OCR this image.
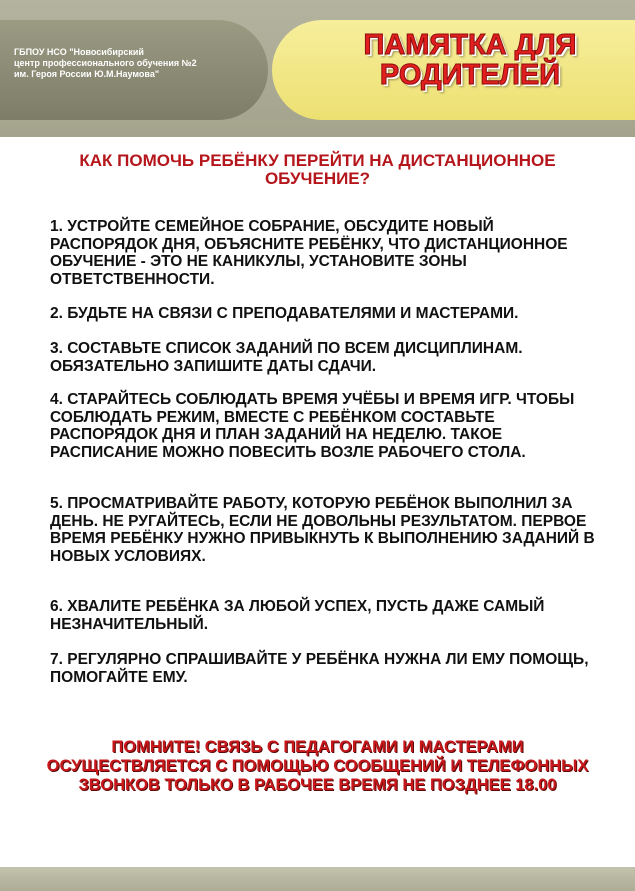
ГБПОУ НСО "Новосибирский
центр профессионального обучения №2
им. Героя России Ю.М.Наумова"
ПАМЯТКА ДЛЯ
РОДИТЕЛЕЙ
КАК ПОМОЧЬ РЕБЁНКУ ПЕРЕЙТИ НА ДИСТАНЦИОННОЕ ОБУЧЕНИЕ?
1. УСТРОЙТЕ СЕМЕЙНОЕ СОБРАНИЕ, ОБСУДИТЕ НОВЫЙ РАСПОРЯДОК ДНЯ, ОБЪЯСНИТЕ РЕБЁНКУ, ЧТО ДИСТАНЦИОННОЕ ОБУЧЕНИЕ - ЭТО НЕ КАНИКУЛЫ, УСТАНОВИТЕ ЗОНЫ ОТВЕТСТВЕННОСТИ.
2. БУДЬТЕ НА СВЯЗИ С ПРЕПОДАВАТЕЛЯМИ И МАСТЕРАМИ.
3. СОСТАВЬТЕ СПИСОК ЗАДАНИЙ ПО ВСЕМ ДИСЦИПЛИНАМ. ОБЯЗАТЕЛЬНО ЗАПИШИТЕ ДАТЫ СДАЧИ.
4. СТАРАЙТЕСЬ СОБЛЮДАТЬ ВРЕМЯ УЧЁБЫ И ВРЕМЯ ИГР. ЧТОБЫ СОБЛЮДАТЬ РЕЖИМ, ВМЕСТЕ С РЕБЁНКОМ СОСТАВЬТЕ РАСПОРЯДОК ДНЯ И ПЛАН ЗАДАНИЙ НА НЕДЕЛЮ. ТАКОЕ РАСПИСАНИЕ МОЖНО ПОВЕСИТЬ ВОЗЛЕ РАБОЧЕГО СТОЛА.
5. ПРОСМАТРИВАЙТЕ РАБОТУ, КОТОРУЮ РЕБЁНОК ВЫПОЛНИЛ ЗА ДЕНЬ. НЕ РУГАЙТЕСЬ, ЕСЛИ НЕ ДОВОЛЬНЫ РЕЗУЛЬТАТОМ. ПЕРВОЕ ВРЕМЯ РЕБЁНКУ НУЖНО ПРИВЫКНУТЬ К ВЫПОЛНЕНИЮ ЗАДАНИЙ В НОВЫХ УСЛОВИЯХ.
6. ХВАЛИТЕ РЕБЁНКА ЗА ЛЮБОЙ УСПЕХ, ПУСТЬ ДАЖЕ САМЫЙ НЕЗНАЧИТЕЛЬНЫЙ.
7. РЕГУЛЯРНО СПРАШИВАЙТЕ У РЕБЁНКА НУЖНА ЛИ ЕМУ ПОМОЩЬ, ПОМОГАЙТЕ ЕМУ.
ПОМНИТЕ! СВЯЗЬ С ПЕДАГОГАМИ И МАСТЕРАМИ ОСУЩЕСТВЛЯЕТСЯ С ПОМОЩЬЮ СООБЩЕНИЙ И ТЕЛЕФОННЫХ ЗВОНКОВ ТОЛЬКО В РАБОЧЕЕ ВРЕМЯ НЕ ПОЗДНЕЕ 18.00
